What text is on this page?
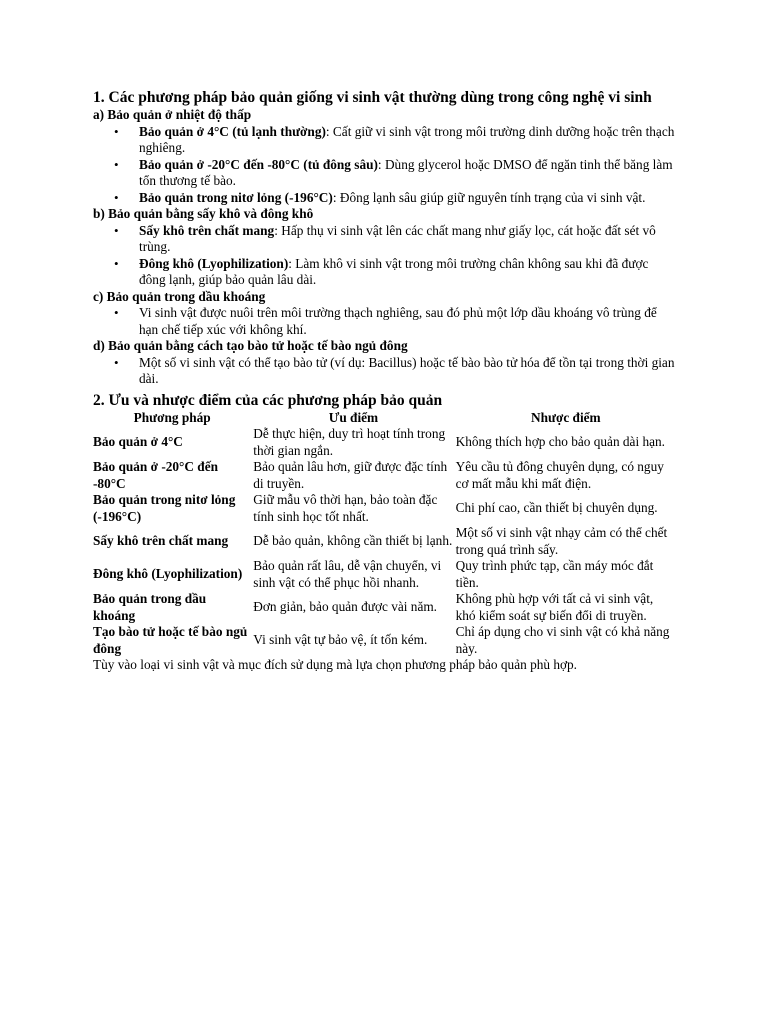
1. Các phương pháp bảo quản giống vi sinh vật thường dùng trong công nghệ vi sinh

a) Bảo quản ở nhiệt độ thấp

• Bảo quản ở 4°C (tủ lạnh thường): Cất giữ vi sinh vật trong môi trường dinh dưỡng hoặc trên thạch nghiêng.
• Bảo quản ở -20°C đến -80°C (tủ đông sâu): Dùng glycerol hoặc DMSO để ngăn tinh thể băng làm tổn thương tế bào.
• Bảo quản trong nitơ lỏng (-196°C): Đông lạnh sâu giúp giữ nguyên tính trạng của vi sinh vật.

b) Bảo quản bằng sấy khô và đông khô

• Sấy khô trên chất mang: Hấp thụ vi sinh vật lên các chất mang như giấy lọc, cát hoặc đất sét vô trùng.
• Đông khô (Lyophilization): Làm khô vi sinh vật trong môi trường chân không sau khi đã được đông lạnh, giúp bảo quản lâu dài.

c) Bảo quản trong dầu khoáng

• Vi sinh vật được nuôi trên môi trường thạch nghiêng, sau đó phủ một lớp dầu khoáng vô trùng để hạn chế tiếp xúc với không khí.

d) Bảo quản bằng cách tạo bào tử hoặc tế bào ngủ đông

• Một số vi sinh vật có thể tạo bào tử (ví dụ: Bacillus) hoặc tế bào bào tử hóa để tồn tại trong thời gian dài.
2. Ưu và nhược điểm của các phương pháp bảo quản
Phương pháp	Ưu điểm	Nhược điểm
Bảo quản ở 4°C	Dễ thực hiện, duy trì hoạt tính trong thời gian ngắn.	Không thích hợp cho bảo quản dài hạn.
Bảo quản ở -20°C đến -80°C	Bảo quản lâu hơn, giữ được đặc tính di truyền.	Yêu cầu tủ đông chuyên dụng, có nguy cơ mất mẫu khi mất điện.
Bảo quản trong nitơ lỏng (-196°C)	Giữ mẫu vô thời hạn, bảo toàn đặc tính sinh học tốt nhất.	Chi phí cao, cần thiết bị chuyên dụng.
Sấy khô trên chất mang	Dễ bảo quản, không cần thiết bị lạnh.	Một số vi sinh vật nhạy cảm có thể chết trong quá trình sấy.
Đông khô (Lyophilization)	Bảo quản rất lâu, dễ vận chuyển, vi sinh vật có thể phục hồi nhanh.	Quy trình phức tạp, cần máy móc đắt tiền.
Bảo quản trong dầu khoáng	Đơn giản, bảo quản được vài năm.	Không phù hợp với tất cả vi sinh vật, khó kiểm soát sự biến đổi di truyền.
Tạo bào tử hoặc tế bào ngủ đông	Vi sinh vật tự bảo vệ, ít tốn kém.	Chỉ áp dụng cho vi sinh vật có khả năng này.

Tùy vào loại vi sinh vật và mục đích sử dụng mà lựa chọn phương pháp bảo quản phù hợp.
